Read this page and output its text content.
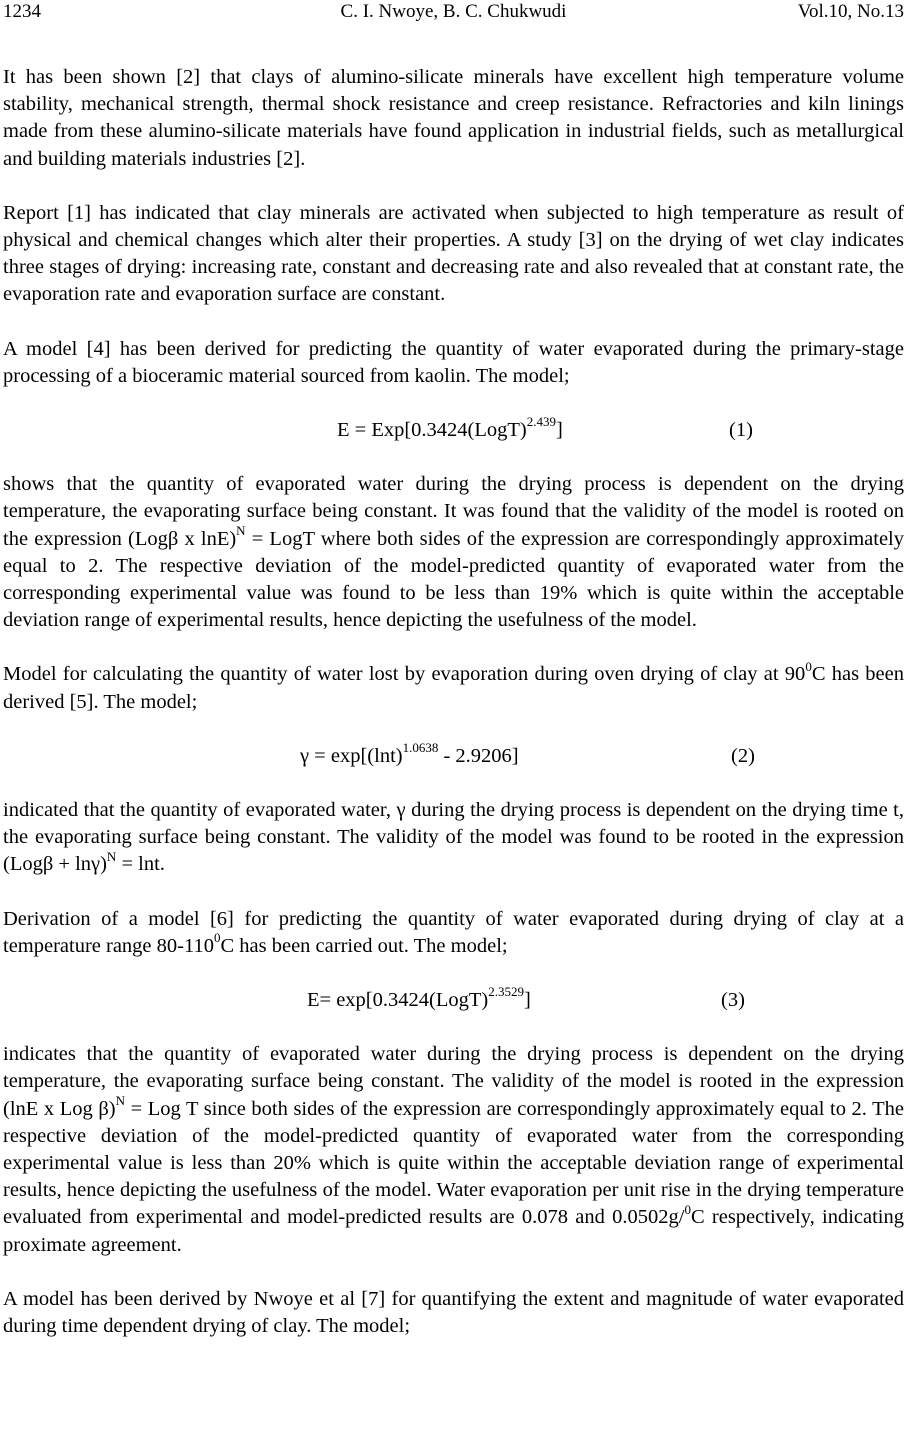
1234	C. I. Nwoye, B. C. Chukwudi	Vol.10, No.13

It has been shown [2] that clays of alumino-silicate minerals have excellent high temperature volume stability, mechanical strength, thermal shock resistance and creep resistance. Refractories and kiln linings made from these alumino-silicate materials have found application in industrial fields, such as metallurgical and building materials industries [2].

Report [1] has indicated that clay minerals are activated when subjected to high temperature as result of physical and chemical changes which alter their properties. A study [3] on the drying of wet clay indicates three stages of drying: increasing rate, constant and decreasing rate and also revealed that at constant rate, the evaporation rate and evaporation surface are constant.

A model [4] has been derived for predicting the quantity of water evaporated during the primary-stage processing of a bioceramic material sourced from kaolin. The model;

E = Exp[0.3424(LogT)$^{2.439}$]	(1)

shows that the quantity of evaporated water during the drying process is dependent on the drying temperature, the evaporating surface being constant. It was found that the validity of the model is rooted on the expression (Logβ x lnE)$^N$ = LogT where both sides of the expression are correspondingly approximately equal to 2. The respective deviation of the model-predicted quantity of evaporated water from the corresponding experimental value was found to be less than 19% which is quite within the acceptable deviation range of experimental results, hence depicting the usefulness of the model.

Model for calculating the quantity of water lost by evaporation during oven drying of clay at $90^0C$ has been derived [5]. The model;

$\gamma = \exp[(\ln t)^{1.0638} - 2.9206]$	(2)

indicated that the quantity of evaporated water, γ during the drying process is dependent on the drying time t, the evaporating surface being constant. The validity of the model was found to be rooted in the expression $(Log\beta + \ln\gamma)^N = \ln t$.

Derivation of a model [6] for predicting the quantity of water evaporated during drying of clay at a temperature range $80-110^0C$ has been carried out. The model;

E= exp[0.3424(LogT)$^{2.3529}$]	(3)

indicates that the quantity of evaporated water during the drying process is dependent on the drying temperature, the evaporating surface being constant. The validity of the model is rooted in the expression (lnE x Log β)$^N$ = Log T since both sides of the expression are correspondingly approximately equal to 2. The respective deviation of the model-predicted quantity of evaporated water from the corresponding experimental value is less than 20% which is quite within the acceptable deviation range of experimental results, hence depicting the usefulness of the model. Water evaporation per unit rise in the drying temperature evaluated from experimental and model-predicted results are 0.078 and 0.0502g/$^0$C respectively, indicating proximate agreement.

A model has been derived by Nwoye et al [7] for quantifying the extent and magnitude of water evaporated during time dependent drying of clay. The model;
